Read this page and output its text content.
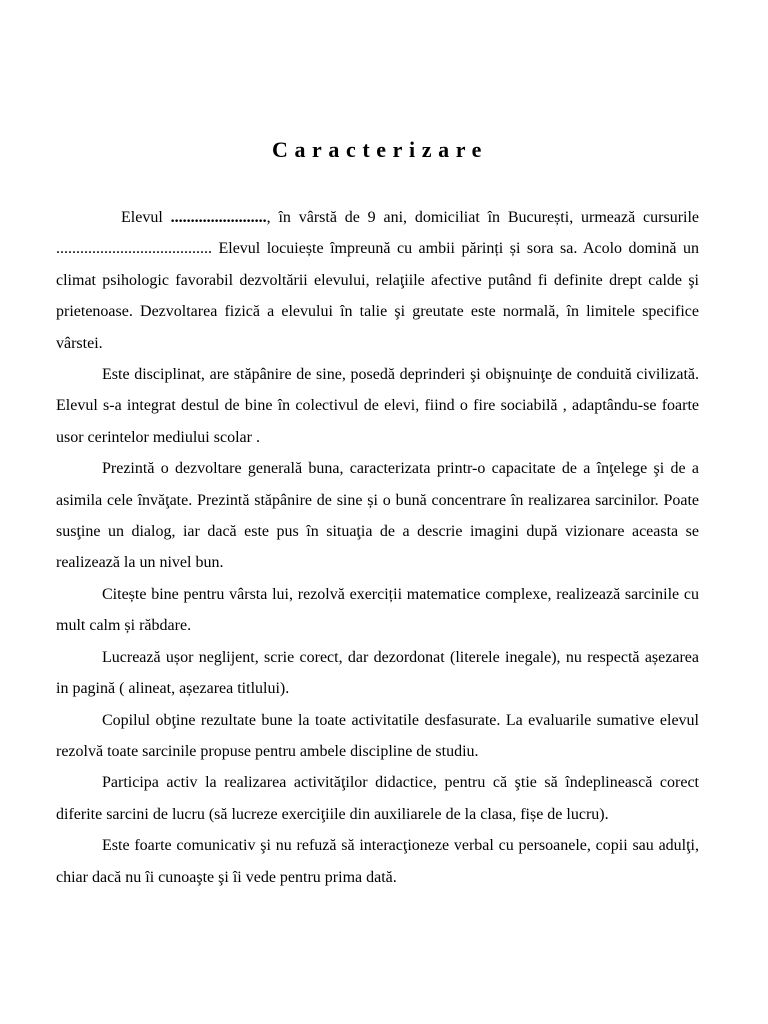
Caracterizare

Elevul ........................, în vârstă de 9 ani, domiciliat în București, urmează cursurile ....................................... Elevul locuiește împreună cu ambii părinți și sora sa. Acolo domină un climat psihologic favorabil dezvoltării elevului, relaţiile afective putând fi definite drept calde şi prietenoase. Dezvoltarea fizică a elevului în talie şi greutate este normală, în limitele specifice vârstei.

Este disciplinat, are stăpânire de sine, posedă deprinderi şi obişnuinţe de conduită civilizată. Elevul s-a integrat destul de bine în colectivul de elevi, fiind o fire sociabilă , adaptându-se foarte usor cerintelor mediului scolar .

Prezintă o dezvoltare generală buna, caracterizata printr-o capacitate de a înţelege şi de a asimila cele învăţate. Prezintă stăpânire de sine și o bună concentrare în realizarea sarcinilor. Poate susţine un dialog, iar dacă este pus în situaţia de a descrie imagini după vizionare aceasta se realizează la un nivel bun.

Citește bine pentru vârsta lui, rezolvă exerciții matematice complexe, realizează sarcinile cu mult calm și răbdare.

Lucrează ușor neglijent, scrie corect, dar dezordonat (literele inegale), nu respectă așezarea in pagină ( alineat, așezarea titlului).

Copilul obţine rezultate bune la toate activitatile desfasurate. La evaluarile sumative elevul rezolvă toate sarcinile propuse pentru ambele discipline de studiu.

Participa activ la realizarea activităţilor didactice, pentru că ştie să îndeplinească corect diferite sarcini de lucru (să lucreze exerciţiile din auxiliarele de la clasa, fișe de lucru).

Este foarte comunicativ şi nu refuză să interacţioneze verbal cu persoanele, copii sau adulţi, chiar dacă nu îi cunoaşte şi îi vede pentru prima dată.
